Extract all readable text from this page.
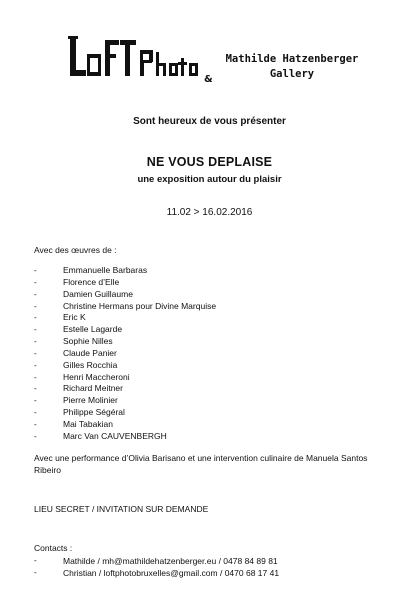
&
Mathilde Hatzenberger
Gallery
Sont heureux de vous présenter
NE VOUS DEPLAISE
une exposition autour du plaisir
11.02 > 16.02.2016
Avec des œuvres de :
-	Emmanuelle Barbaras
-	Florence d’Elle
-	Damien Guillaume
-	Christine Hermans pour Divine Marquise
-	Eric K
-	Estelle Lagarde
-	Sophie Nilles
-	Claude Panier
-	Gilles Rocchia
-	Henri Maccheroni
-	Richard Meitner
-	Pierre Molinier
-	Philippe Ségéral
-	Mai Tabakian
-	Marc Van CAUVENBERGH
Avec une performance d’Olivia Barisano et une intervention culinaire de Manuela Santos Ribeiro
LIEU SECRET / INVITATION SUR DEMANDE
Contacts :
-	Mathilde / mh@mathildehatzenberger.eu / 0478 84 89 81
-	Christian / loftphotobruxelles@gmail.com / 0470 68 17 41
